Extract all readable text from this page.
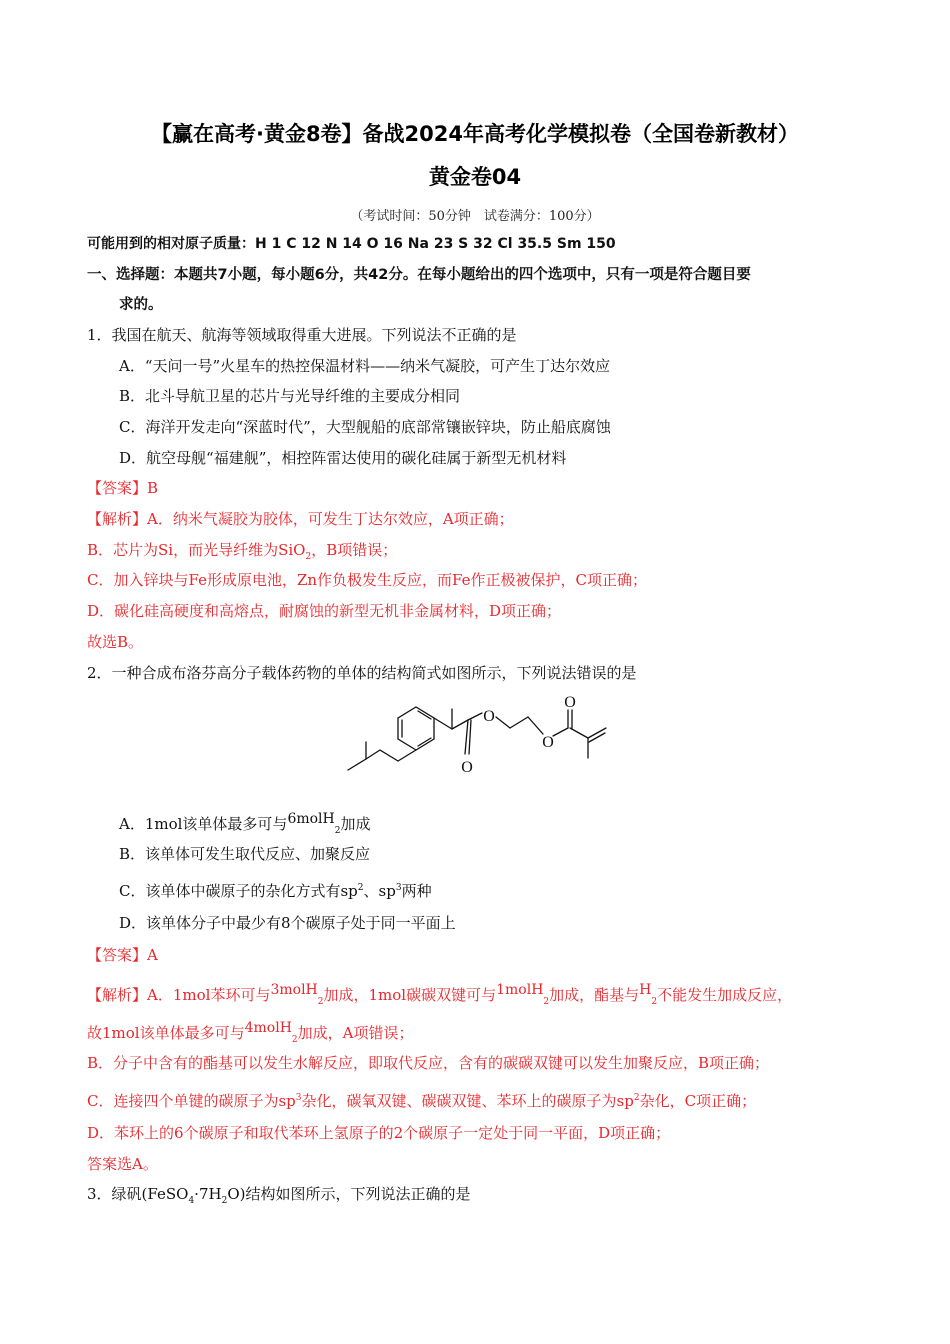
【赢在高考·黄金8卷】备战2024年高考化学模拟卷（全国卷新教材）
黄金卷04
（考试时间：50分钟　试卷满分：100分）
可能用到的相对原子质量：H 1 C 12 N 14 O 16 Na 23 S 32 Cl 35.5 Sm 150
一、选择题：本题共7小题，每小题6分，共42分。在每小题给出的四个选项中，只有一项是符合题目要
求的。
1．我国在航天、航海等领域取得重大进展。下列说法不正确的是
A．“天问一号”火星车的热控保温材料——纳米气凝胶，可产生丁达尔效应
B．北斗导航卫星的芯片与光导纤维的主要成分相同
C．海洋开发走向“深蓝时代”，大型舰船的底部常镶嵌锌块，防止船底腐蚀
D．航空母舰“福建舰”，相控阵雷达使用的碳化硅属于新型无机材料
【答案】B
【解析】A．纳米气凝胶为胶体，可发生丁达尔效应，A项正确；
B．芯片为Si，而光导纤维为SiO$_2$，B项错误；
C．加入锌块与Fe形成原电池，Zn作负极发生反应，而Fe作正极被保护，C项正确；
D．碳化硅高硬度和高熔点，耐腐蚀的新型无机非金属材料，D项正确；
故选B。
2．一种合成布洛芬高分子载体药物的单体的结构简式如图所示，下列说法错误的是
O
O
O
O
A．1mol该单体最多可与$^{6molH}_2$加成
B．该单体可发生取代反应、加聚反应
C．该单体中碳原子的杂化方式有$sp^2$、$sp^3$两种
D．该单体分子中最少有8个碳原子处于同一平面上
【答案】A
【解析】A．1mol苯环可与$^{3molH}_2$加成，1mol碳碳双键可与$^{1molH}_2$加成，酯基与$^H_2$不能发生加成反应，
故1mol该单体最多可与$^{4molH}_2$加成，A项错误；
B．分子中含有的酯基可以发生水解反应，即取代反应，含有的碳碳双键可以发生加聚反应，B项正确；
C．连接四个单键的碳原子为$sp^3$杂化，碳氧双键、碳碳双键、苯环上的碳原子为$sp^2$杂化，C项正确；
D．苯环上的6个碳原子和取代苯环上氢原子的2个碳原子一定处于同一平面，D项正确；
答案选A。
3．绿矾$(FeSO_4\cdot 7H_2O)$结构如图所示，下列说法正确的是
